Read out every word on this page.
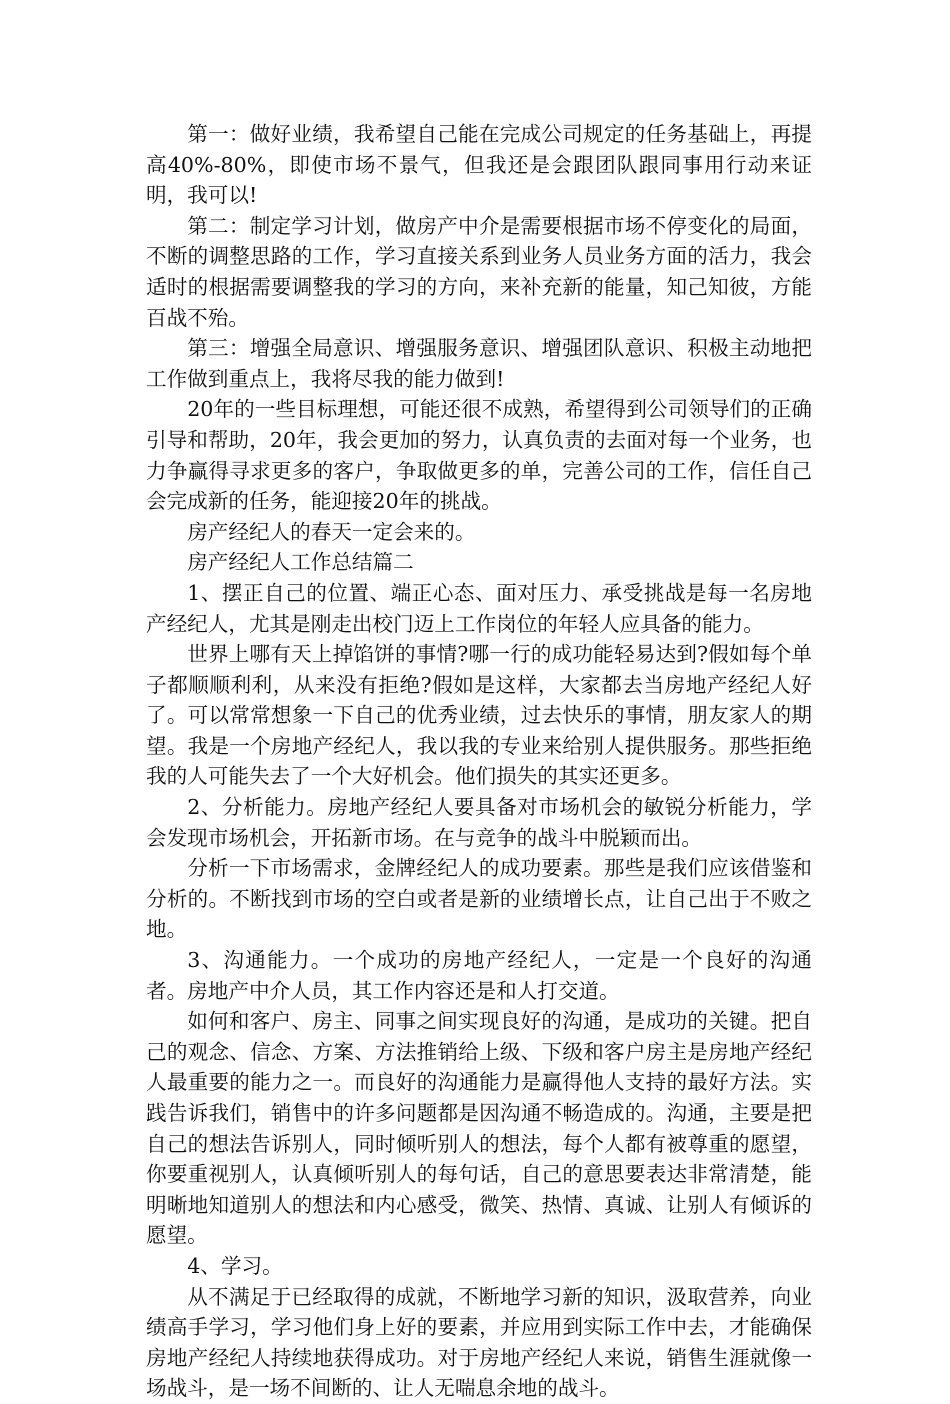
第一：做好业绩，我希望自己能在完成公司规定的任务基础上，再提高40%-80%，即使市场不景气，但我还是会跟团队跟同事用行动来证明，我可以!

第二：制定学习计划，做房产中介是需要根据市场不停变化的局面，不断的调整思路的工作，学习直接关系到业务人员业务方面的活力，我会适时的根据需要调整我的学习的方向，来补充新的能量，知己知彼，方能百战不殆。

第三：增强全局意识、增强服务意识、增强团队意识、积极主动地把工作做到重点上，我将尽我的能力做到!

20年的一些目标理想，可能还很不成熟，希望得到公司领导们的正确引导和帮助，20年，我会更加的努力，认真负责的去面对每一个业务，也力争赢得寻求更多的客户，争取做更多的单，完善公司的工作，信任自己会完成新的任务，能迎接20年的挑战。

房产经纪人的春天一定会来的。

房产经纪人工作总结篇二

1、摆正自己的位置、端正心态、面对压力、承受挑战是每一名房地产经纪人，尤其是刚走出校门迈上工作岗位的年轻人应具备的能力。

世界上哪有天上掉馅饼的事情?哪一行的成功能轻易达到?假如每个单子都顺顺利利，从来没有拒绝?假如是这样，大家都去当房地产经纪人好了。可以常常想象一下自己的优秀业绩，过去快乐的事情，朋友家人的期望。我是一个房地产经纪人，我以我的专业来给别人提供服务。那些拒绝我的人可能失去了一个大好机会。他们损失的其实还更多。

2、分析能力。房地产经纪人要具备对市场机会的敏锐分析能力，学会发现市场机会，开拓新市场。在与竞争的战斗中脱颖而出。

分析一下市场需求，金牌经纪人的成功要素。那些是我们应该借鉴和分析的。不断找到市场的空白或者是新的业绩增长点，让自己出于不败之地。

3、沟通能力。一个成功的房地产经纪人，一定是一个良好的沟通者。房地产中介人员，其工作内容还是和人打交道。

如何和客户、房主、同事之间实现良好的沟通，是成功的关键。把自己的观念、信念、方案、方法推销给上级、下级和客户房主是房地产经纪人最重要的能力之一。而良好的沟通能力是赢得他人支持的最好方法。实践告诉我们，销售中的许多问题都是因沟通不畅造成的。沟通，主要是把自己的想法告诉别人，同时倾听别人的想法，每个人都有被尊重的愿望，你要重视别人，认真倾听别人的每句话，自己的意思要表达非常清楚，能明晰地知道别人的想法和内心感受，微笑、热情、真诚、让别人有倾诉的愿望。

4、学习。

从不满足于已经取得的成就，不断地学习新的知识，汲取营养，向业绩高手学习，学习他们身上好的要素，并应用到实际工作中去，才能确保房地产经纪人持续地获得成功。对于房地产经纪人来说，销售生涯就像一场战斗，是一场不间断的、让人无喘息余地的战斗。
